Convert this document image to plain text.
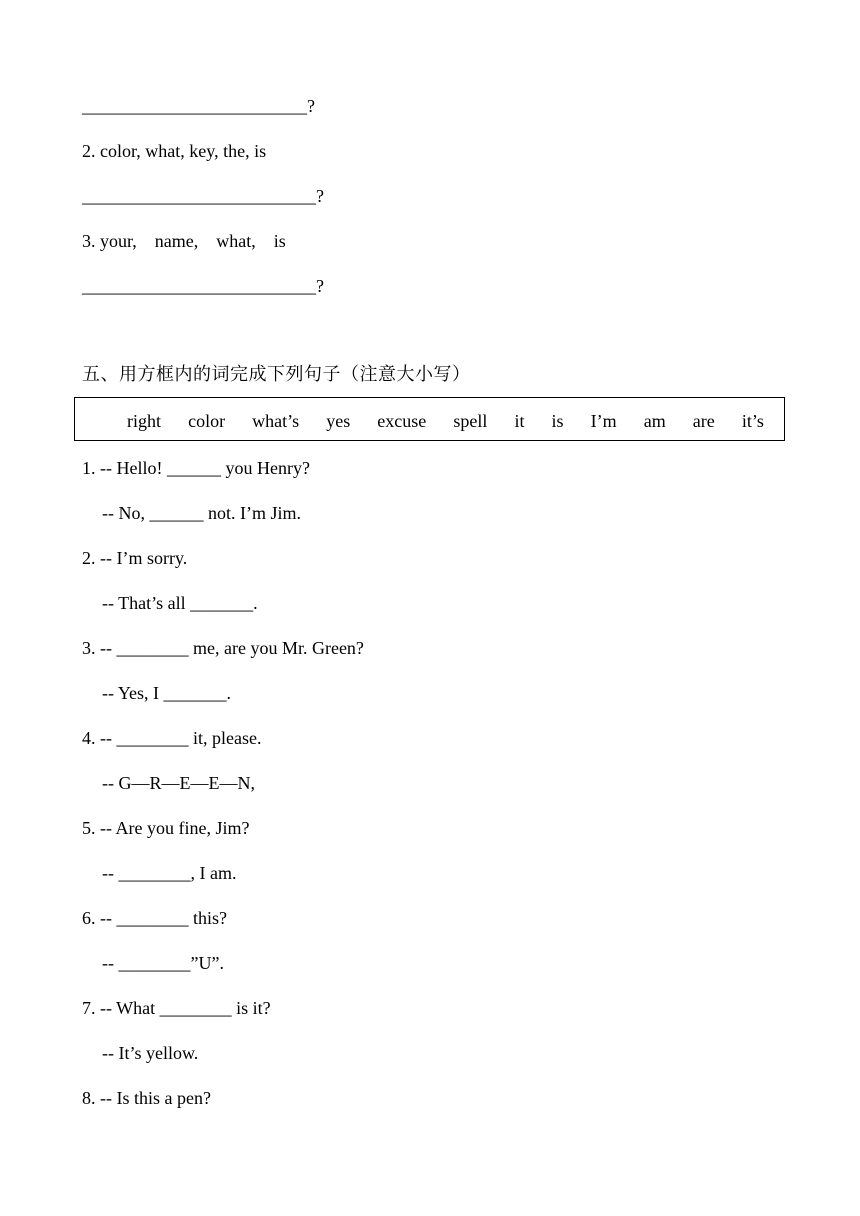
_________________________?
2. color, what, key, the, is
__________________________?
3. your,    name,    what,    is
__________________________?
五、用方框内的词完成下列句子（注意大小写）
right color what’s yes excuse spell it is I’m am are it’s
1. -- Hello! ______ you Henry?
-- No, ______ not. I’m Jim.
2. -- I’m sorry.
-- That’s all _______.
3. -- ________ me, are you Mr. Green?
-- Yes, I _______.
4. -- ________ it, please.
-- G—R—E—E—N,
5. -- Are you fine, Jim?
-- ________, I am.
6. -- ________ this?
-- ________”U”.
7. -- What ________ is it?
-- It’s yellow.
8. -- Is this a pen?
